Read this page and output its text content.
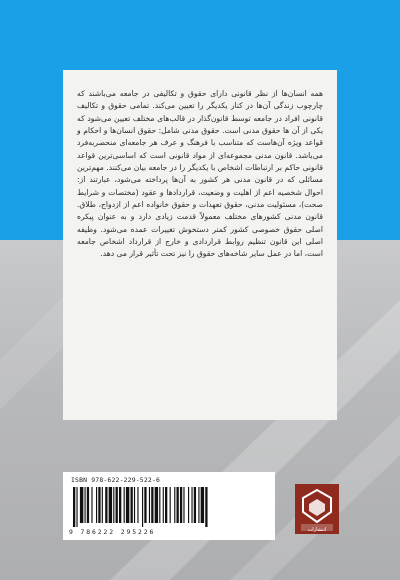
همه انسان‌ها از نظر قانونی دارای حقوق و تکالیفی در جامعه می‌باشند که چارچوب زندگی آن‌ها در کنار یکدیگر را تعیین می‌کند. تمامی حقوق و تکالیف قانونی افراد در جامعه توسط قانون‌گذار در قالب‌های مختلف تعیین می‌شود که یکی از آن ها حقوق مدنی است. حقوق مدنی شامل: حقوق انسان‌ها و احکام و قواعد ویژه آن‌هاست که متناسب با فرهنگ و عرف هر جامعه‌ای منحصربه‌فرد می‌باشد. قانون مدنی مجموعه‌ای از مواد قانونی است که اساسی‌ترین قواعد قانونی حاکم بر ارتباطات اشخاص با یکدیگر را در جامعه بیان می‌کنند. مهم‌ترین مسائلی که در قانون مدنی هر کشور به آن‌ها پرداخته می‌شود، عبارتند از: احوال شخصیه اعم از اهلیت و وضعیت، قراردادها و عقود (مختصات و شرایط صحت)، مسئولیت مدنی، حقوق تعهدات و حقوق خانواده اعم از ازدواج، طلاق. قانون مدنی کشورهای مختلف معمولاً قدمت زیادی دارد و به عنوان پیکره اصلی حقوق خصوصی کشور کمتر دستخوش تغییرات عمده می‌شود. وظیفه اصلی این قانون تنظیم روابط قراردادی و خارج از قرارداد اشخاص جامعه است، اما در عمل سایر شاخه‌های حقوق را نیز تحت تأثیر قرار می دهد.

ISBN 978-622-229-522-6
9 786222 295226	انتشارات
